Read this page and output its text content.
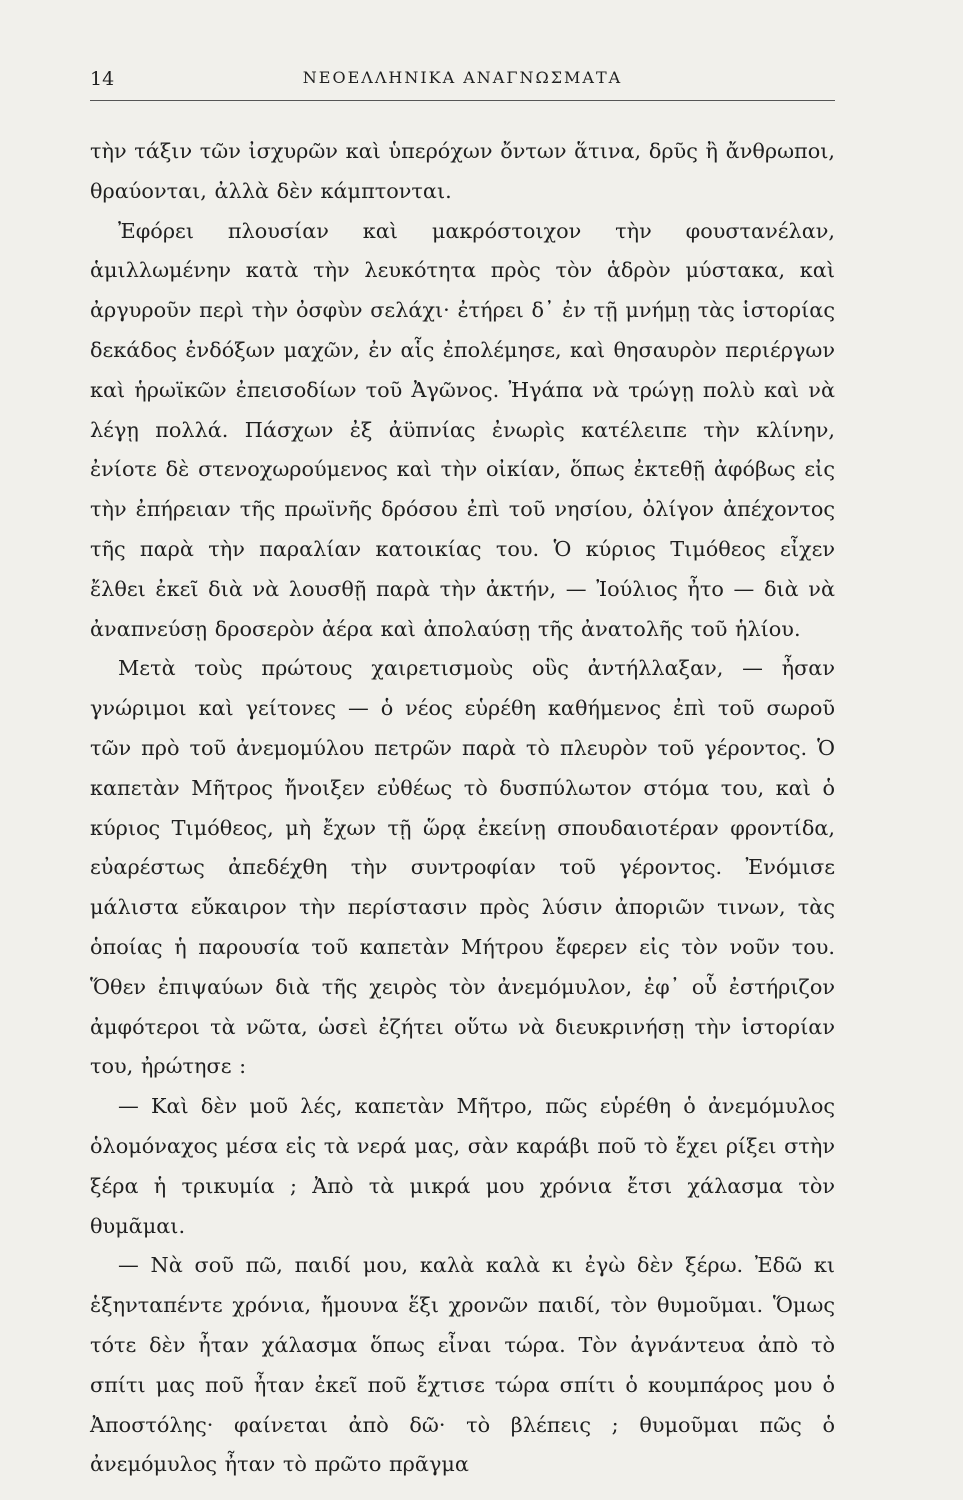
14	ΝΕΟΕΛΛΗΝΙΚΑ ΑΝΑΓΝΩΣΜΑΤΑ

τὴν τάξιν τῶν ἰσχυρῶν καὶ ὑπερόχων ὄντων ἅτινα, δρῦς ἢ ἄνθρωποι, θραύονται, ἀλλὰ δὲν κάμπτονται.

Ἐφόρει πλουσίαν καὶ μακρόστοιχον τὴν φουστανέλαν, ἁμιλλωμένην κατὰ τὴν λευκότητα πρὸς τὸν ἁδρὸν μύστακα, καὶ ἀργυροῦν περὶ τὴν ὀσφὺν σελάχι· ἐτήρει δ᾽ ἐν τῇ μνήμῃ τὰς ἱστορίας δεκάδος ἐνδόξων μαχῶν, ἐν αἷς ἐπολέμησε, καὶ θησαυρὸν περιέργων καὶ ἡρωϊκῶν ἐπεισοδίων τοῦ Ἀγῶνος. Ἠγάπα νὰ τρώγῃ πολὺ καὶ νὰ λέγῃ πολλά. Πάσχων ἐξ ἀϋπνίας ἐνωρὶς κατέλειπε τὴν κλίνην, ἐνίοτε δὲ στενοχωρούμενος καὶ τὴν οἰκίαν, ὅπως ἐκτεθῇ ἀφόβως εἰς τὴν ἐπήρειαν τῆς πρωϊνῆς δρόσου ἐπὶ τοῦ νησίου, ὀλίγον ἀπέχοντος τῆς παρὰ τὴν παραλίαν κατοικίας του. Ὁ κύριος Τιμόθεος εἶχεν ἔλθει ἐκεῖ διὰ νὰ λουσθῇ παρὰ τὴν ἀκτήν, — Ἰούλιος ἦτο — διὰ νὰ ἀναπνεύσῃ δροσερὸν ἀέρα καὶ ἀπολαύσῃ τῆς ἀνατολῆς τοῦ ἡλίου.

Μετὰ τοὺς πρώτους χαιρετισμοὺς οὓς ἀντήλλαξαν, — ἦσαν γνώριμοι καὶ γείτονες — ὁ νέος εὑρέθη καθήμενος ἐπὶ τοῦ σωροῦ τῶν πρὸ τοῦ ἀνεμομύλου πετρῶν παρὰ τὸ πλευρὸν τοῦ γέροντος. Ὁ καπετὰν Μῆτρος ἤνοιξεν εὐθέως τὸ δυσπύλωτον στόμα του, καὶ ὁ κύριος Τιμόθεος, μὴ ἔχων τῇ ὥρᾳ ἐκείνῃ σπουδαιοτέραν φροντίδα, εὐαρέστως ἀπεδέχθη τὴν συντροφίαν τοῦ γέροντος. Ἐνόμισε μάλιστα εὔκαιρον τὴν περίστασιν πρὸς λύσιν ἀποριῶν τινων, τὰς ὁποίας ἡ παρουσία τοῦ καπετὰν Μήτρου ἔφερεν εἰς τὸν νοῦν του. Ὅθεν ἐπιψαύων διὰ τῆς χειρὸς τὸν ἀνεμόμυλον, ἐφ᾽ οὗ ἐστήριζον ἀμφότεροι τὰ νῶτα, ὡσεὶ ἐζήτει οὕτω νὰ διευκρινήσῃ τὴν ἱστορίαν του, ἠρώτησε :

— Καὶ δὲν μοῦ λές, καπετὰν Μῆτρο, πῶς εὑρέθη ὁ ἀνεμόμυλος ὁλομόναχος μέσα εἰς τὰ νερά μας, σὰν καράβι ποῦ τὸ ἔχει ρίξει στὴν ξέρα ἡ τρικυμία ; Ἀπὸ τὰ μικρά μου χρόνια ἔτσι χάλασμα τὸν θυμᾶμαι.

— Νὰ σοῦ πῶ, παιδί μου, καλὰ καλὰ κι ἐγὼ δὲν ξέρω. Ἐδῶ κι ἑξηνταπέντε χρόνια, ἤμουνα ἕξι χρονῶν παιδί, τὸν θυμοῦμαι. Ὅμως τότε δὲν ἦταν χάλασμα ὅπως εἶναι τώρα. Τὸν ἀγνάντευα ἀπὸ τὸ σπίτι μας ποῦ ἦταν ἐκεῖ ποῦ ἔχτισε τώρα σπίτι ὁ κουμπάρος μου ὁ Ἀποστόλης· φαίνεται ἀπὸ δῶ· τὸ βλέπεις ; θυμοῦμαι πῶς ὁ ἀνεμόμυλος ἦταν τὸ πρῶτο πρᾶγμα
